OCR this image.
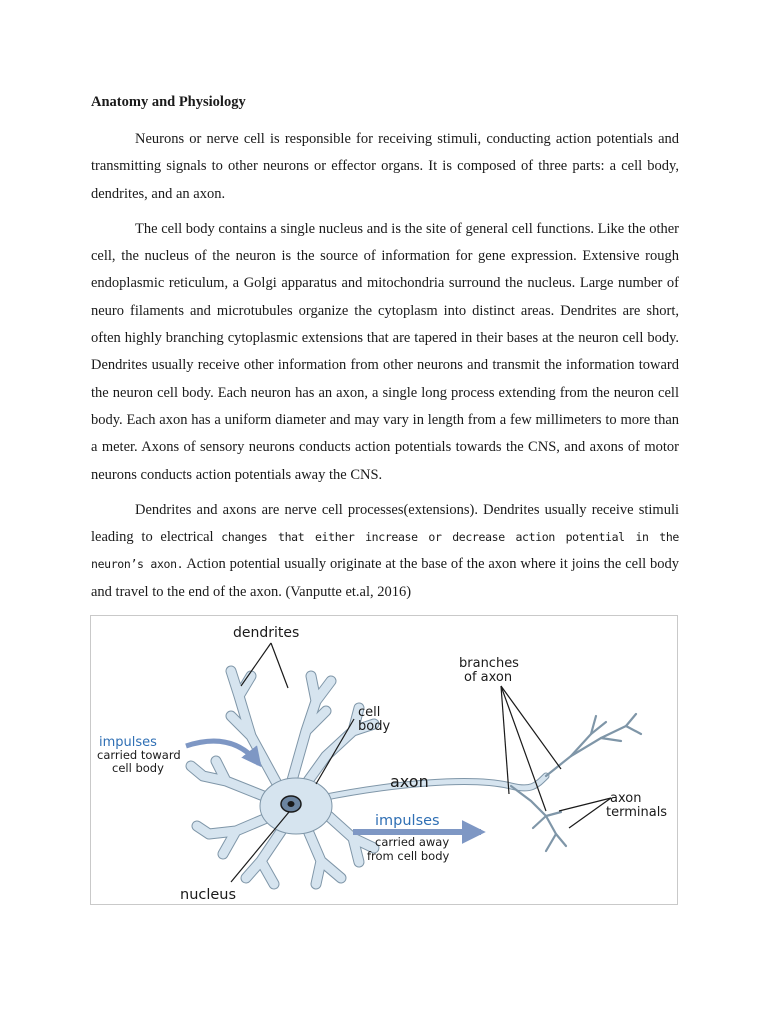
Anatomy and Physiology

Neurons or nerve cell is responsible for receiving stimuli, conducting action potentials and transmitting signals to other neurons or effector organs. It is composed of three parts: a cell body, dendrites, and an axon.

The cell body contains a single nucleus and is the site of general cell functions. Like the other cell, the nucleus of the neuron is the source of information for gene expression. Extensive rough endoplasmic reticulum, a Golgi apparatus and mitochondria surround the nucleus. Large number of neuro filaments and microtubules organize the cytoplasm into distinct areas. Dendrites are short, often highly branching cytoplasmic extensions that are tapered in their bases at the neuron cell body. Dendrites usually receive other information from other neurons and transmit the information toward the neuron cell body. Each neuron has an axon, a single long process extending from the neuron cell body. Each axon has a uniform diameter and may vary in length from a few millimeters to more than a meter. Axons of sensory neurons conducts action potentials towards the CNS, and axons of motor neurons conducts action potentials away the CNS.

Dendrites and axons are nerve cell processes(extensions). Dendrites usually receive stimuli leading to electrical changes that either increase or decrease action potential in the neuron’s axon. Action potential usually originate at the base of the axon where it joins the cell body and travel to the end of the axon. (Vanputte et.al, 2016)

dendrites
branches
of axon
cell
body
impulses
carried toward
cell body
axon
impulses
carried away
from cell body
axon
terminals
nucleus
